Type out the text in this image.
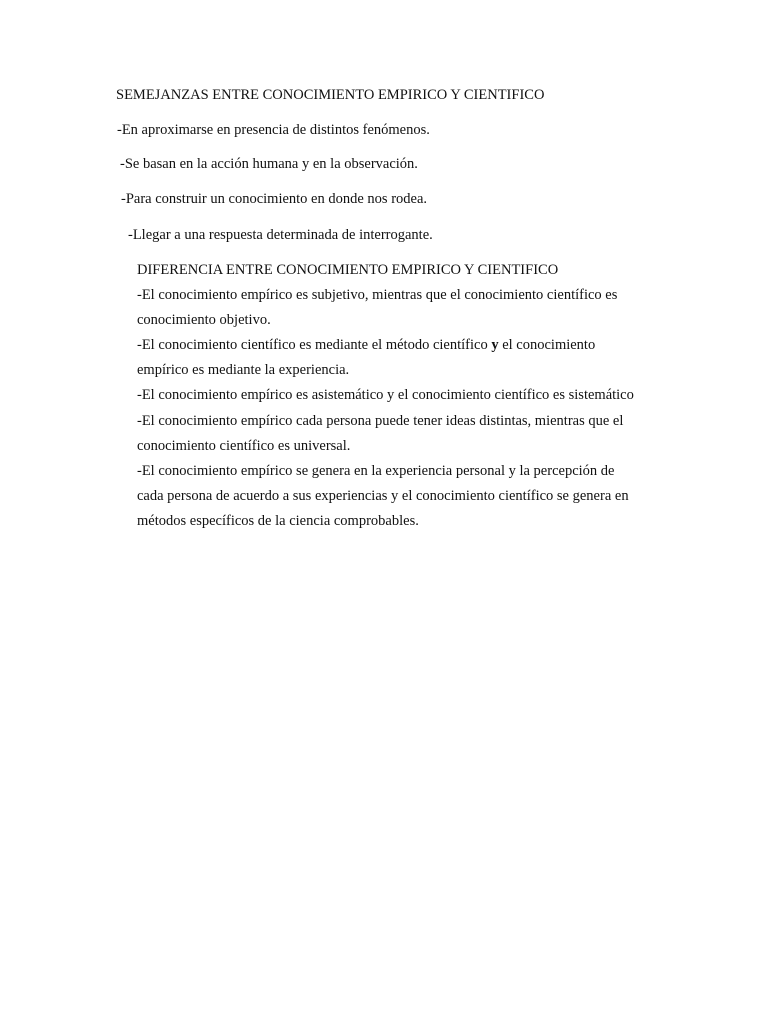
SEMEJANZAS ENTRE CONOCIMIENTO EMPIRICO Y CIENTIFICO
-En aproximarse en presencia de distintos fenómenos.
-Se basan en la acción humana y en la observación.
-Para construir un conocimiento en donde nos rodea.
-Llegar a una respuesta determinada de interrogante.
DIFERENCIA ENTRE CONOCIMIENTO EMPIRICO Y CIENTIFICO
-El conocimiento empírico es subjetivo, mientras que el conocimiento científico es
conocimiento objetivo.
-El conocimiento científico es mediante el método científico y el conocimiento
empírico es mediante la experiencia.
-El conocimiento empírico es asistemático y el conocimiento científico es sistemático
-El conocimiento empírico cada persona puede tener ideas distintas, mientras que el
conocimiento científico es universal.
-El conocimiento empírico se genera en la experiencia personal y la percepción de
cada persona de acuerdo a sus experiencias y el conocimiento científico se genera en
métodos específicos de la ciencia comprobables.
